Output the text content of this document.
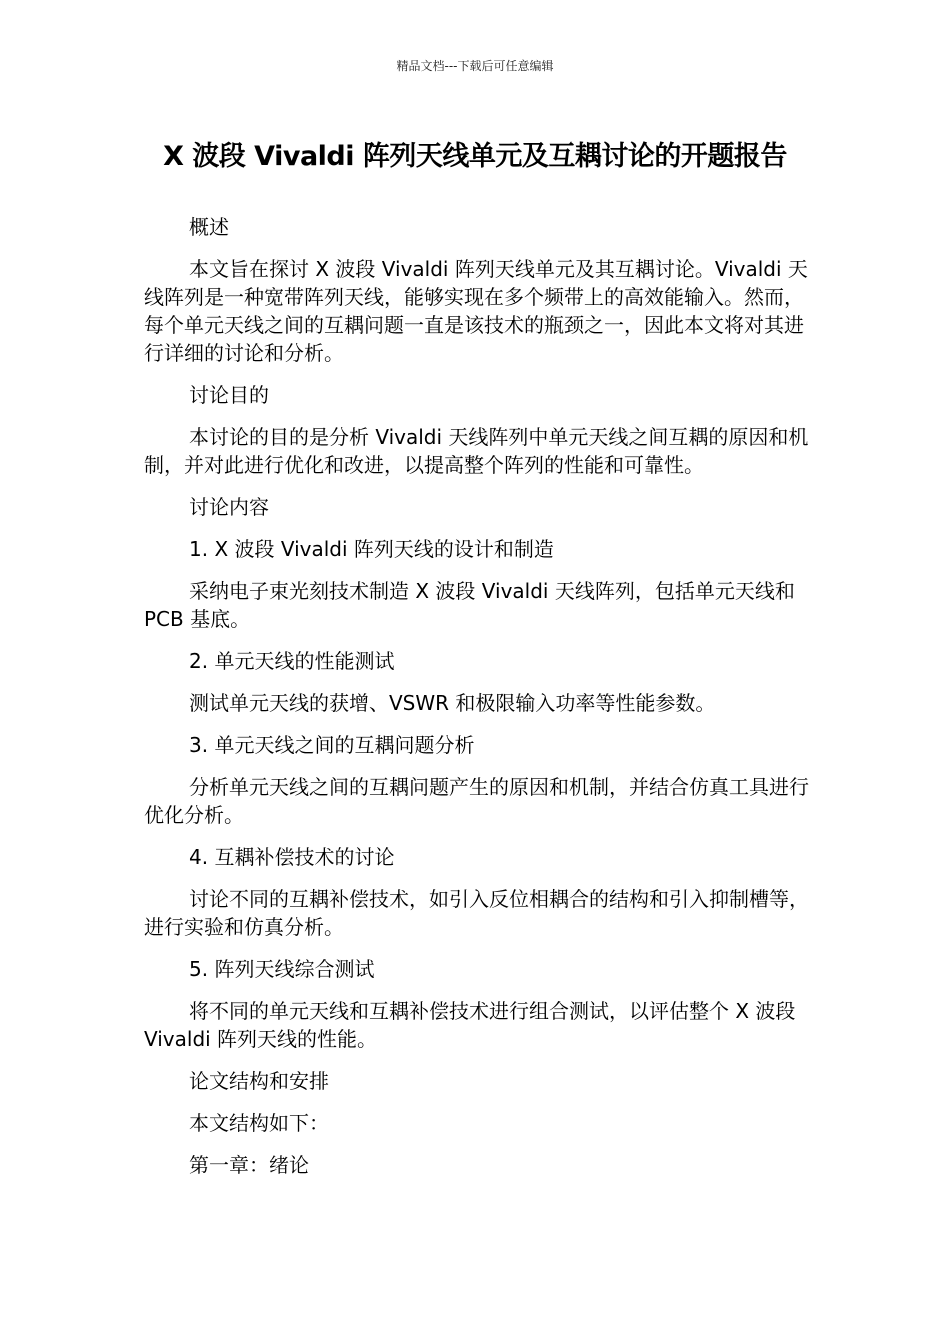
精品文档---下载后可任意编辑
X 波段 Vivaldi 阵列天线单元及互耦讨论的开题报告

概述

本文旨在探讨 X 波段 Vivaldi 阵列天线单元及其互耦讨论。Vivaldi 天线阵列是一种宽带阵列天线，能够实现在多个频带上的高效能输入。然而，每个单元天线之间的互耦问题一直是该技术的瓶颈之一，因此本文将对其进行详细的讨论和分析。

讨论目的

本讨论的目的是分析 Vivaldi 天线阵列中单元天线之间互耦的原因和机制，并对此进行优化和改进，以提高整个阵列的性能和可靠性。

讨论内容

1. X 波段 Vivaldi 阵列天线的设计和制造

采纳电子束光刻技术制造 X 波段 Vivaldi 天线阵列，包括单元天线和 PCB 基底。

2. 单元天线的性能测试

测试单元天线的获增、VSWR 和极限输入功率等性能参数。

3. 单元天线之间的互耦问题分析

分析单元天线之间的互耦问题产生的原因和机制，并结合仿真工具进行优化分析。

4. 互耦补偿技术的讨论

讨论不同的互耦补偿技术，如引入反位相耦合的结构和引入抑制槽等，进行实验和仿真分析。

5. 阵列天线综合测试

将不同的单元天线和互耦补偿技术进行组合测试，以评估整个 X 波段 Vivaldi 阵列天线的性能。

论文结构和安排

本文结构如下：

第一章：绪论
